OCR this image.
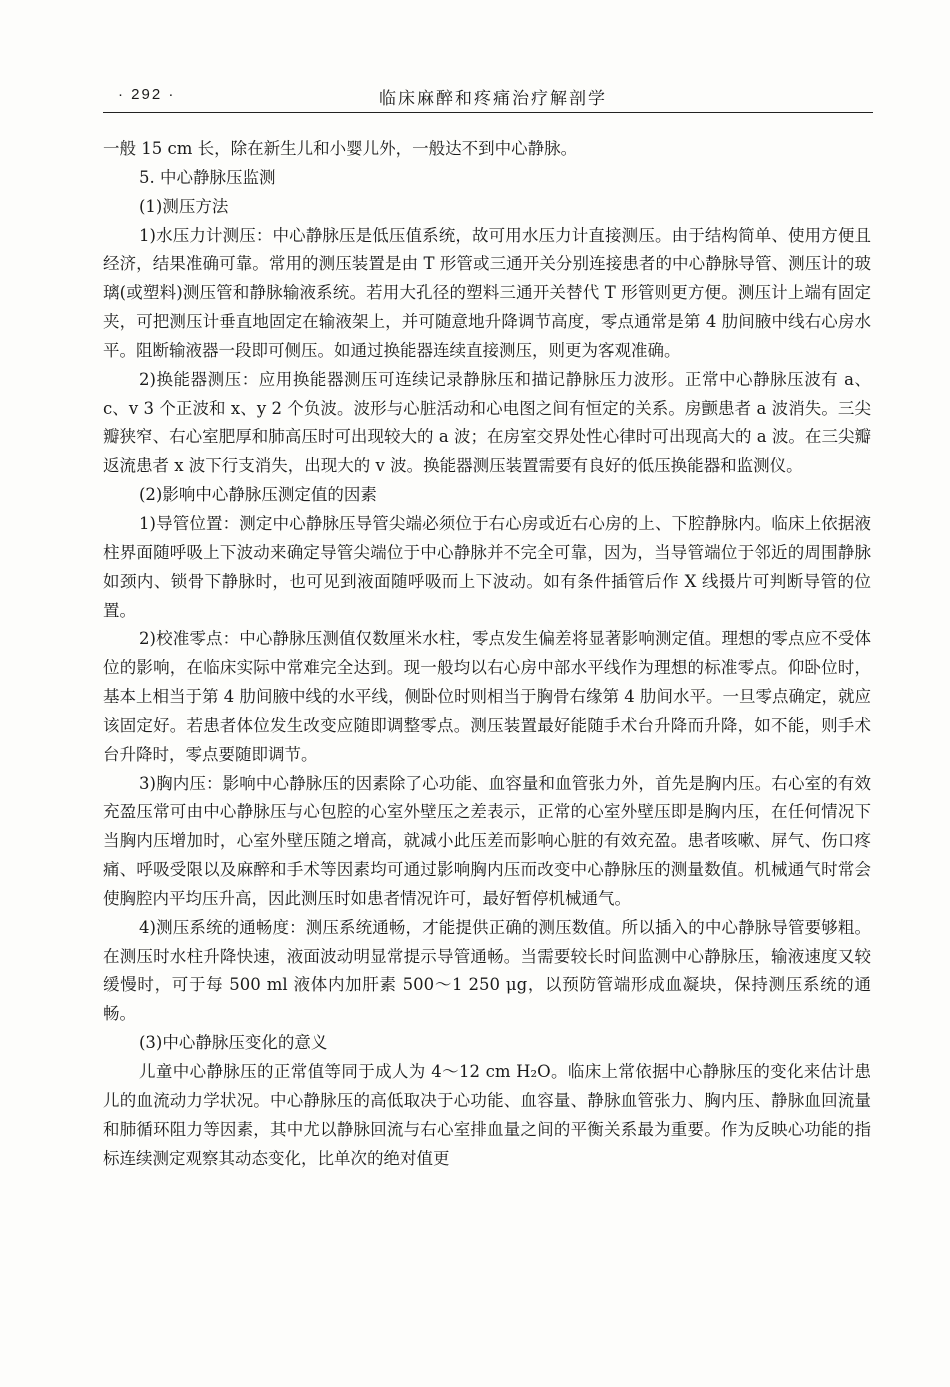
· 292 ·	临床麻醉和疼痛治疗解剖学

一般 15 cm 长，除在新生儿和小婴儿外，一般达不到中心静脉。

5. 中心静脉压监测

(1)测压方法

1)水压力计测压：中心静脉压是低压值系统，故可用水压力计直接测压。由于结构简单、使用方便且经济，结果准确可靠。常用的测压装置是由 T 形管或三通开关分别连接患者的中心静脉导管、测压计的玻璃(或塑料)测压管和静脉输液系统。若用大孔径的塑料三通开关替代 T 形管则更方便。测压计上端有固定夹，可把测压计垂直地固定在输液架上，并可随意地升降调节高度，零点通常是第 4 肋间腋中线右心房水平。阻断输液器一段即可侧压。如通过换能器连续直接测压，则更为客观准确。

2)换能器测压：应用换能器测压可连续记录静脉压和描记静脉压力波形。正常中心静脉压波有 a、c、v 3 个正波和 x、y 2 个负波。波形与心脏活动和心电图之间有恒定的关系。房颤患者 a 波消失。三尖瓣狭窄、右心室肥厚和肺高压时可出现较大的 a 波；在房室交界处性心律时可出现高大的 a 波。在三尖瓣返流患者 x 波下行支消失，出现大的 v 波。换能器测压装置需要有良好的低压换能器和监测仪。

(2)影响中心静脉压测定值的因素

1)导管位置：测定中心静脉压导管尖端必须位于右心房或近右心房的上、下腔静脉内。临床上依据液柱界面随呼吸上下波动来确定导管尖端位于中心静脉并不完全可靠，因为，当导管端位于邻近的周围静脉如颈内、锁骨下静脉时，也可见到液面随呼吸而上下波动。如有条件插管后作 X 线摄片可判断导管的位置。

2)校准零点：中心静脉压测值仅数厘米水柱，零点发生偏差将显著影响测定值。理想的零点应不受体位的影响，在临床实际中常难完全达到。现一般均以右心房中部水平线作为理想的标准零点。仰卧位时，基本上相当于第 4 肋间腋中线的水平线，侧卧位时则相当于胸骨右缘第 4 肋间水平。一旦零点确定，就应该固定好。若患者体位发生改变应随即调整零点。测压装置最好能随手术台升降而升降，如不能，则手术台升降时，零点要随即调节。

3)胸内压：影响中心静脉压的因素除了心功能、血容量和血管张力外，首先是胸内压。右心室的有效充盈压常可由中心静脉压与心包腔的心室外壁压之差表示，正常的心室外壁压即是胸内压，在任何情况下当胸内压增加时，心室外壁压随之增高，就减小此压差而影响心脏的有效充盈。患者咳嗽、屏气、伤口疼痛、呼吸受限以及麻醉和手术等因素均可通过影响胸内压而改变中心静脉压的测量数值。机械通气时常会使胸腔内平均压升高，因此测压时如患者情况许可，最好暂停机械通气。

4)测压系统的通畅度：测压系统通畅，才能提供正确的测压数值。所以插入的中心静脉导管要够粗。在测压时水柱升降快速，液面波动明显常提示导管通畅。当需要较长时间监测中心静脉压，输液速度又较缓慢时，可于每 500 ml 液体内加肝素 500～1 250 μg，以预防管端形成血凝块，保持测压系统的通畅。

(3)中心静脉压变化的意义

儿童中心静脉压的正常值等同于成人为 4～12 cm H₂O。临床上常依据中心静脉压的变化来估计患儿的血流动力学状况。中心静脉压的高低取决于心功能、血容量、静脉血管张力、胸内压、静脉血回流量和肺循环阻力等因素，其中尤以静脉回流与右心室排血量之间的平衡关系最为重要。作为反映心功能的指标连续测定观察其动态变化，比单次的绝对值更
